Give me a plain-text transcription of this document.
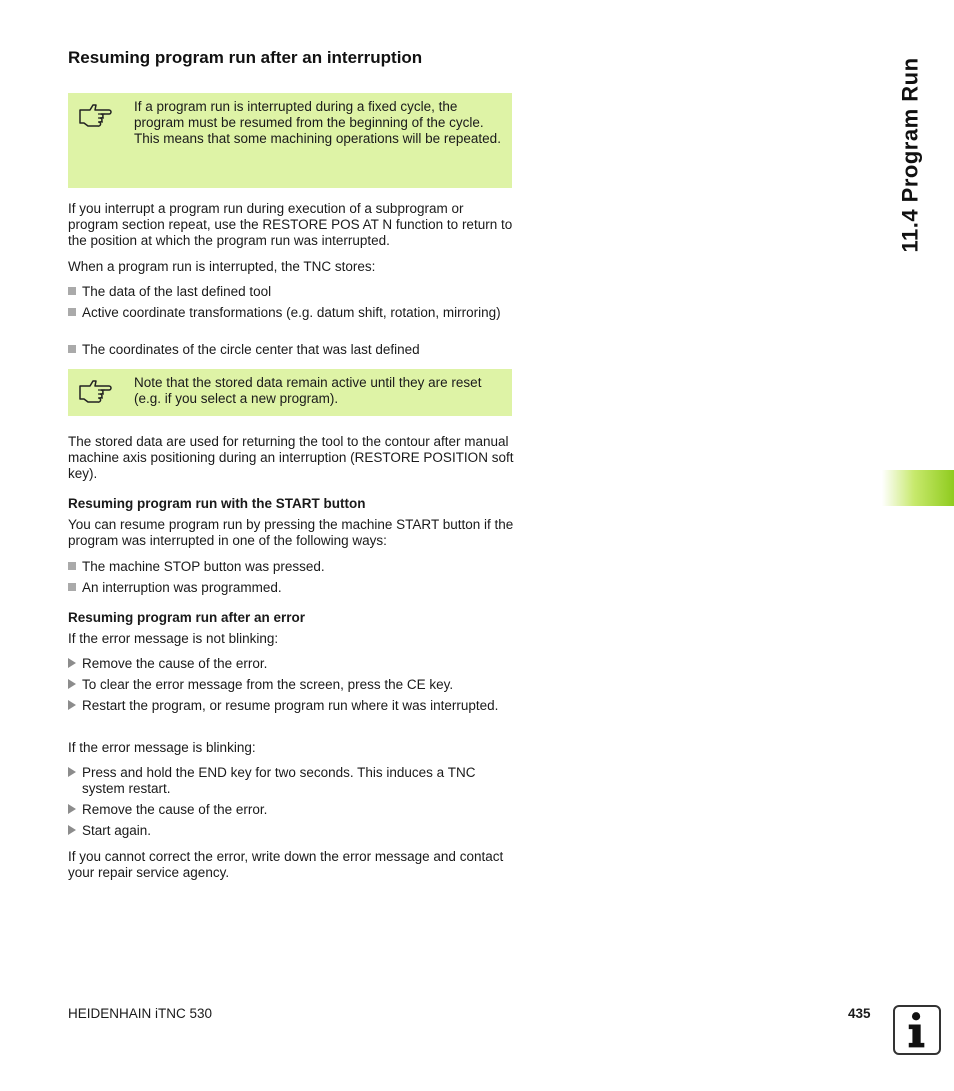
Resuming program run after an interruption

If a program run is interrupted during a fixed cycle, the program must be resumed from the beginning of the cycle.

This means that some machining operations will be repeated.

If you interrupt a program run during execution of a subprogram or program section repeat, use the RESTORE POS AT N function to return to the position at which the program run was interrupted.

When a program run is interrupted, the TNC stores:

The data of the last defined tool
Active coordinate transformations (e.g. datum shift, rotation, mirroring)
The coordinates of the circle center that was last defined

Note that the stored data remain active until they are reset (e.g. if you select a new program).

The stored data are used for returning the tool to the contour after manual machine axis positioning during an interruption (RESTORE POSITION soft key).

Resuming program run with the START button

You can resume program run by pressing the machine START button if the program was interrupted in one of the following ways:

The machine STOP button was pressed.
An interruption was programmed.
Resuming program run after an error

If the error message is not blinking:

Remove the cause of the error.
To clear the error message from the screen, press the CE key.
Restart the program, or resume program run where it was interrupted.

If the error message is blinking:

Press and hold the END key for two seconds. This induces a TNC system restart.
Remove the cause of the error.
Start again.

If you cannot correct the error, write down the error message and contact your repair service agency.

11.4 Program Run
HEIDENHAIN iTNC 530	435
